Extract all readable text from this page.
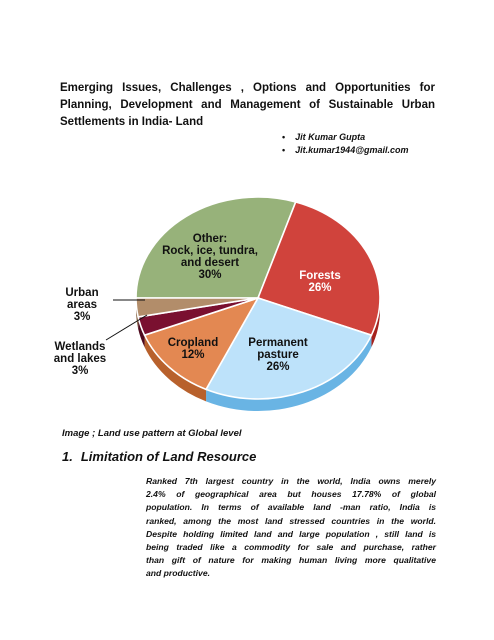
Emerging Issues, Challenges , Options and Opportunities for
Planning, Development and Management of Sustainable Urban
Settlements in India- Land
• Jit Kumar Gupta
• Jit.kumar1944@gmail.com
Other:
Rock, ice, tundra,
and desert
30%	Forests
26%
Permanent
pasture
26%
Cropland
12%
Wetlands
and lakes
3%
Urban
areas
3%
Image ; Land use pattern at Global level
1. Limitation of Land Resource

Ranked 7th largest country in the world, India owns merely
2.4% of geographical area but houses 17.78% of global
population. In terms of available land -man ratio, India is
ranked, among the most land stressed countries in the world.
Despite holding limited land and large population , still land is
being traded like a commodity for sale and purchase, rather
than gift of nature for making human living more qualitative
and productive.
